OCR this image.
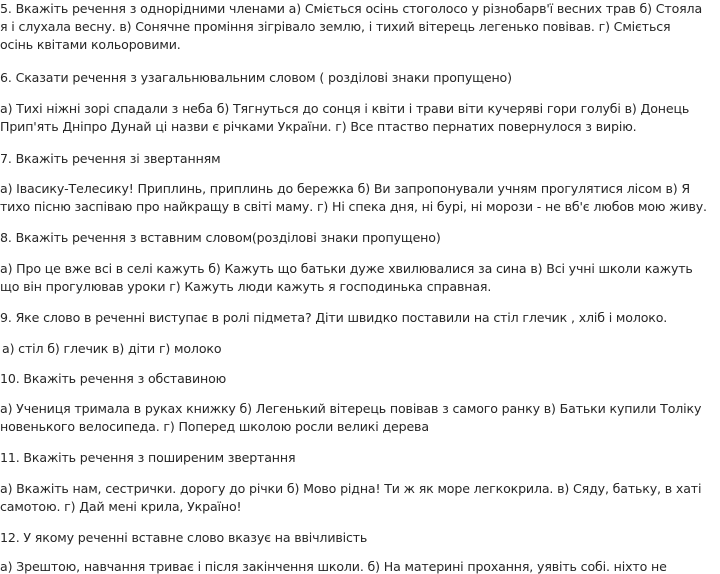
5. Вкажіть речення з однорідними членами а) Сміється осінь стоголосо у різнобарв'ї весних трав б) Стояла
я і слухала весну. в) Сонячне проміння зігрівало землю, і тихий вітерець легенько повівав. г) Сміється
осінь квітами кольоровими.
6. Сказати речення з узагальнювальним словом ( розділові знаки пропущено)
а) Тихі ніжні зорі спадали з неба б) Тягнуться до сонця і квіти і трави віти кучеряві гори голубі в) Донець
Прип'ять Дніпро Дунай ці назви є річками України. г) Все птаство пернатих повернулося з вирію.
7. Вкажіть речення зі звертанням
а) Івасику-Телесику! Приплинь, приплинь до бережка б) Ви запропонували учням прогулятися лісом в) Я
тихо пісню заспіваю про найкращу в світі маму. г) Ні спека дня, ні бурі, ні морози - не вб'є любов мою живу.
8. Вкажіть речення з вставним словом(розділові знаки пропущено)
а) Про це вже всі в селі кажуть б) Кажуть що батьки дуже хвилювалися за сина в) Всі учні школи кажуть
що він прогулював уроки г) Кажуть люди кажуть я господинька справная.
9. Яке слово в реченні виступає в ролі підмета? Діти швидко поставили на стіл глечик , хліб і молоко.
а) стіл б) глечик в) діти г) молоко
10. Вкажіть речення з обставиною
а) Учениця тримала в руках книжку б) Легенький вітерець повівав з самого ранку в) Батьки купили Толіку
новенького велосипеда. г) Поперед школою росли великі дерева
11. Вкажіть речення з поширеним звертання
а) Вкажіть нам, сестрички. дорогу до річки б) Мово рідна! Ти ж як море легкокрила. в) Сяду, батьку, в хаті
самотою. г) Дай мені крила, Україно!
12. У якому реченні вставне слово вказує на ввічливість
а) Зрештою, навчання триває і після закінчення школи. б) На материні прохання, уявіть собі. ніхто не
